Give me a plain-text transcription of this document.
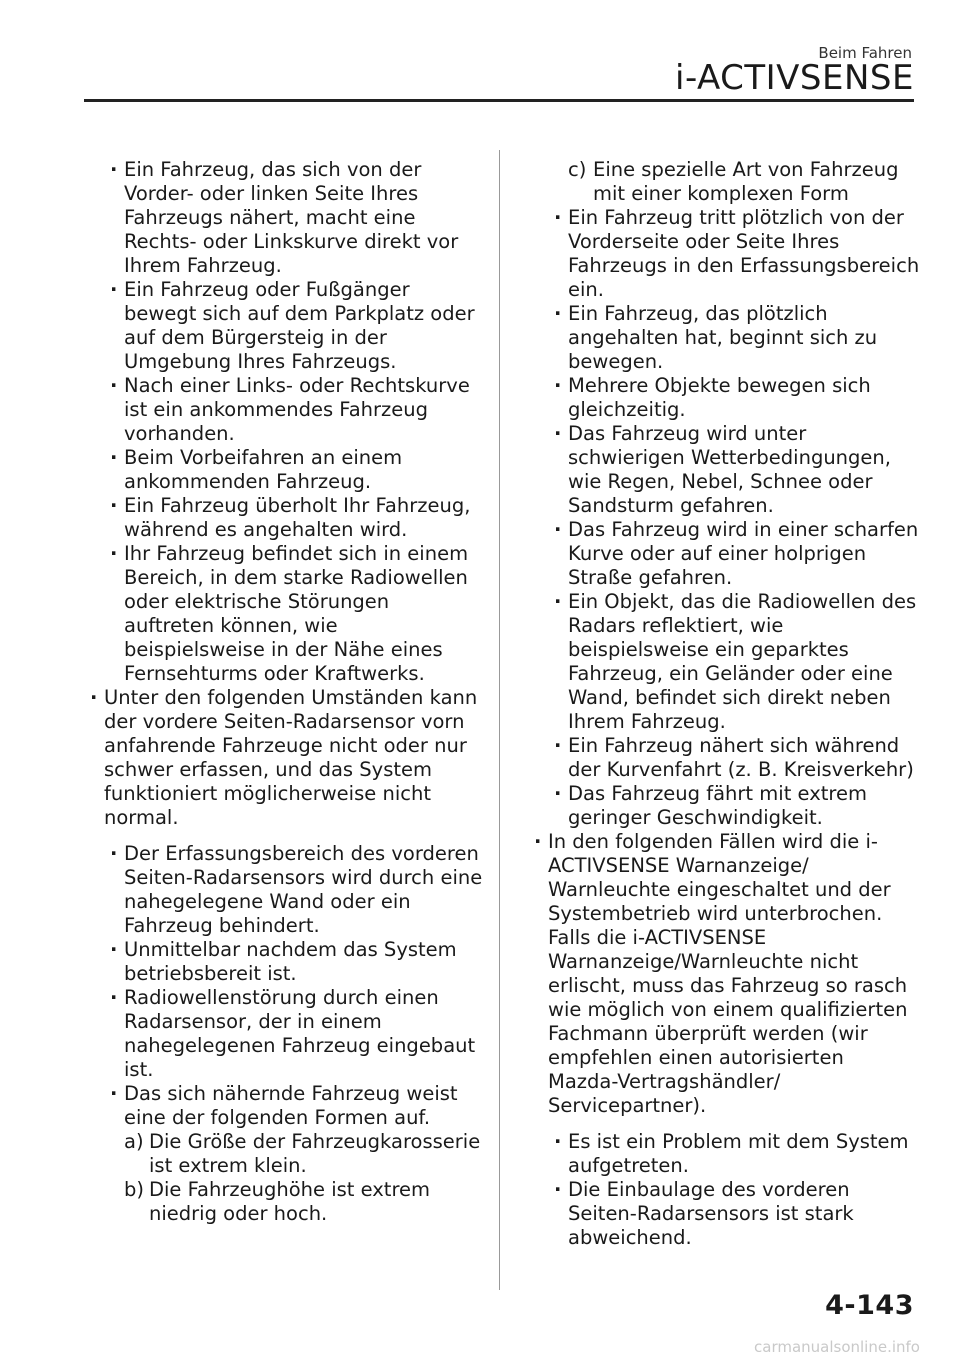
Beim Fahren
i-ACTIVSENSE
· Ein Fahrzeug, das sich von der Vorder- oder linken Seite Ihres Fahrzeugs nähert, macht eine Rechts- oder Linkskurve direkt vor Ihrem Fahrzeug.
· Ein Fahrzeug oder Fußgänger bewegt sich auf dem Parkplatz oder auf dem Bürgersteig in der Umgebung Ihres Fahrzeugs.
· Nach einer Links- oder Rechtskurve ist ein ankommendes Fahrzeug vorhanden.
· Beim Vorbeifahren an einem ankommenden Fahrzeug.
· Ein Fahrzeug überholt Ihr Fahrzeug, während es angehalten wird.
· Ihr Fahrzeug befindet sich in einem Bereich, in dem starke Radiowellen oder elektrische Störungen auftreten können, wie beispielsweise in der Nähe eines Fernsehturms oder Kraftwerks.
· Unter den folgenden Umständen kann der vordere Seiten-Radarsensor vorn anfahrende Fahrzeuge nicht oder nur schwer erfassen, und das System funktioniert möglicherweise nicht normal.
· Der Erfassungsbereich des vorderen Seiten-Radarsensors wird durch eine nahegelegene Wand oder ein Fahrzeug behindert.
· Unmittelbar nachdem das System betriebsbereit ist.
· Radiowellenstörung durch einen Radarsensor, der in einem nahegelegenen Fahrzeug eingebaut ist.
· Das sich nähernde Fahrzeug weist eine der folgenden Formen auf.
a) Die Größe der Fahrzeugkarosserie ist extrem klein.
b) Die Fahrzeughöhe ist extrem niedrig oder hoch.
c) Eine spezielle Art von Fahrzeug mit einer komplexen Form
· Ein Fahrzeug tritt plötzlich von der Vorderseite oder Seite Ihres Fahrzeugs in den Erfassungsbereich ein.
· Ein Fahrzeug, das plötzlich angehalten hat, beginnt sich zu bewegen.
· Mehrere Objekte bewegen sich gleichzeitig.
· Das Fahrzeug wird unter schwierigen Wetterbedingungen, wie Regen, Nebel, Schnee oder Sandsturm gefahren.
· Das Fahrzeug wird in einer scharfen Kurve oder auf einer holprigen Straße gefahren.
· Ein Objekt, das die Radiowellen des Radars reflektiert, wie beispielsweise ein geparktes Fahrzeug, ein Geländer oder eine Wand, befindet sich direkt neben Ihrem Fahrzeug.
· Ein Fahrzeug nähert sich während der Kurvenfahrt (z. B. Kreisverkehr)
· Das Fahrzeug fährt mit extrem geringer Geschwindigkeit.
· In den folgenden Fällen wird die i-ACTIVSENSE Warnanzeige/ Warnleuchte eingeschaltet und der Systembetrieb wird unterbrochen. Falls die i-ACTIVSENSE Warnanzeige/Warnleuchte nicht erlischt, muss das Fahrzeug so rasch wie möglich von einem qualifizierten Fachmann überprüft werden (wir empfehlen einen autorisierten Mazda-Vertragshändler/ Servicepartner).
· Es ist ein Problem mit dem System aufgetreten.
· Die Einbaulage des vorderen Seiten-Radarsensors ist stark abweichend.
4-143
carmanualsonline.info
